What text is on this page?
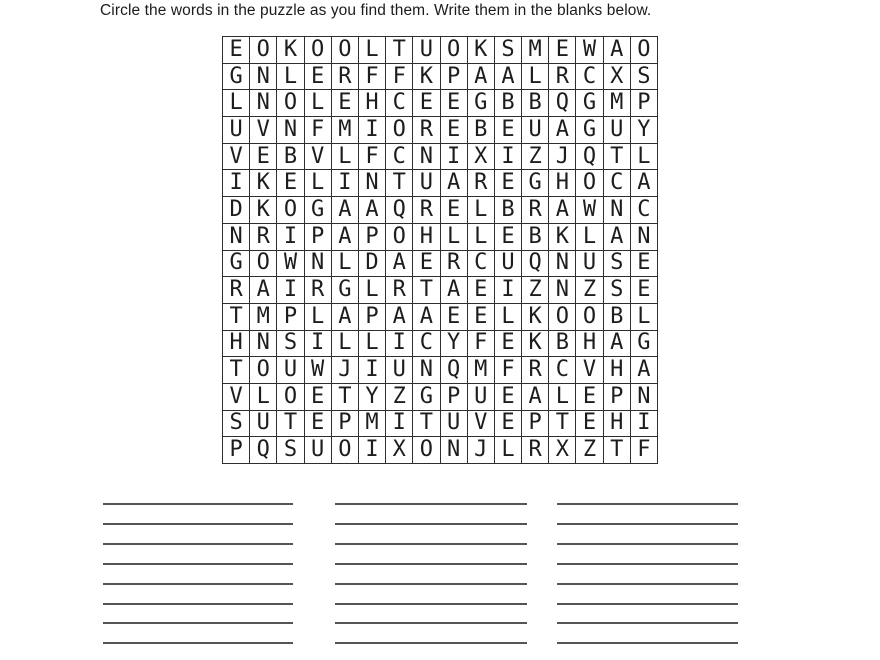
Circle the words in the puzzle as you find them. Write them in the blanks below.
E	O	K	O	O	L	T	U	O	K	S	M	E	W	A	O
G	N	L	E	R	F	F	K	P	A	A	L	R	C	X	S
L	N	O	L	E	H	C	E	E	G	B	B	Q	G	M	P
U	V	N	F	M	I	O	R	E	B	E	U	A	G	U	Y
V	E	B	V	L	F	C	N	I	X	I	Z	J	Q	T	L
I	K	E	L	I	N	T	U	A	R	E	G	H	O	C	A
D	K	O	G	A	A	Q	R	E	L	B	R	A	W	N	C
N	R	I	P	A	P	O	H	L	L	E	B	K	L	A	N
G	O	W	N	L	D	A	E	R	C	U	Q	N	U	S	E
R	A	I	R	G	L	R	T	A	E	I	Z	N	Z	S	E
T	M	P	L	A	P	A	A	E	E	L	K	O	O	B	L
H	N	S	I	L	L	I	C	Y	F	E	K	B	H	A	G
T	O	U	W	J	I	U	N	Q	M	F	R	C	V	H	A
V	L	O	E	T	Y	Z	G	P	U	E	A	L	E	P	N
S	U	T	E	P	M	I	T	U	V	E	P	T	E	H	I
P	Q	S	U	O	I	X	O	N	J	L	R	X	Z	T	F
